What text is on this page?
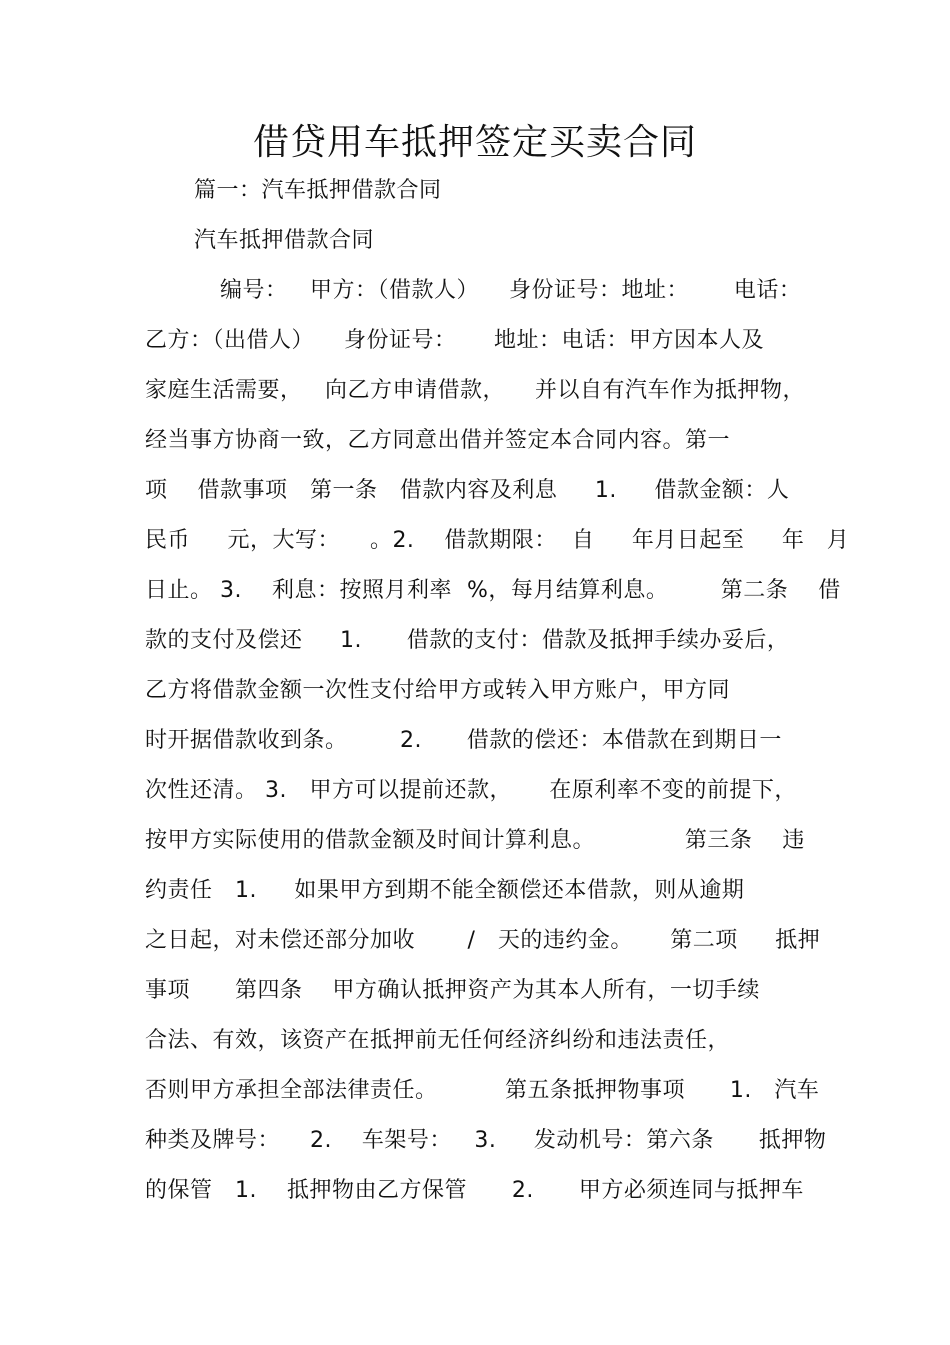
借贷用车抵押签定买卖合同
篇一：汽车抵押借款合同
汽车抵押借款合同
编号：   甲方：（借款人）    身份证号：地址：      电话：
乙方：（出借人）    身份证号：     地址：电话：甲方因本人及
家庭生活需要，   向乙方申请借款，    并以自有汽车作为抵押物，
经当事方协商一致，乙方同意出借并签定本合同内容。第一
项    借款事项   第一条   借款内容及利息     1.     借款金额：人
民币     元，大写：    。2.    借款期限：  自     年月日起至     年   月
日止。 3.    利息：按照月利率  %，每月结算利息。       第二条    借
款的支付及偿还     1.      借款的支付：借款及抵押手续办妥后，
乙方将借款金额一次性支付给甲方或转入甲方账户，甲方同
时开据借款收到条。       2.      借款的偿还：本借款在到期日一
次性还清。 3.   甲方可以提前还款，     在原利率不变的前提下，
按甲方实际使用的借款金额及时间计算利息。            第三条    违
约责任   1.     如果甲方到期不能全额偿还本借款，则从逾期
之日起，对未偿还部分加收       /   天的违约金。     第二项     抵押
事项      第四条    甲方确认抵押资产为其本人所有，一切手续
合法、有效，该资产在抵押前无任何经济纠纷和违法责任，
否则甲方承担全部法律责任。         第五条抵押物事项      1.   汽车
种类及牌号：    2.    车架号：   3.     发动机号：第六条      抵押物
的保管   1.    抵押物由乙方保管      2.      甲方必须连同与抵押车
